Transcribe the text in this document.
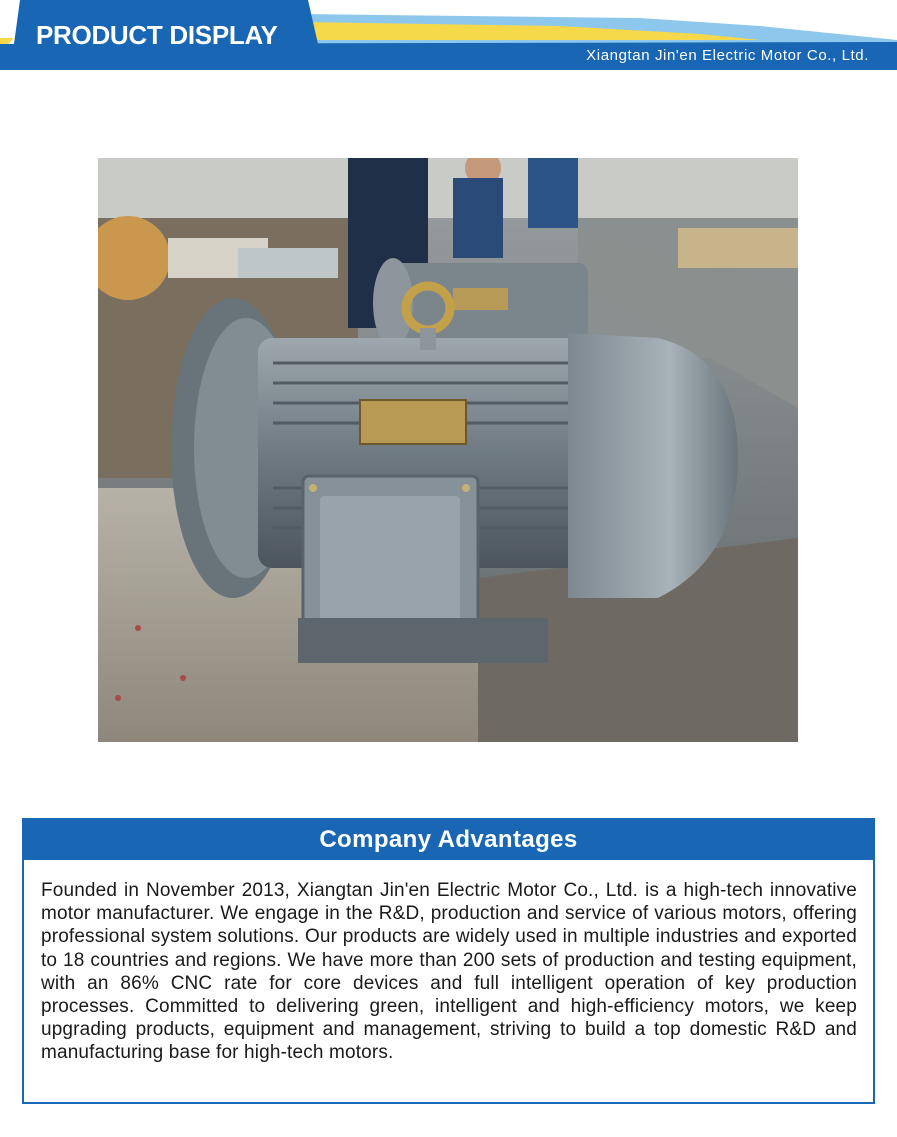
PRODUCT DISPLAY
Xiangtan Jin'en Electric Motor Co., Ltd.
Company Advantages

Founded in November 2013, Xiangtan Jin'en Electric Motor Co., Ltd. is a high-tech innovative motor manufacturer. We engage in the R&D, production and service of various motors, offering professional system solutions. Our products are widely used in multiple industries and exported to 18 countries and regions. We have more than 200 sets of production and testing equipment, with an 86% CNC rate for core devices and full intelligent operation of key production processes. Committed to delivering green, intelligent and high-efficiency motors, we keep upgrading products, equipment and management, striving to build a top domestic R&D and manufacturing base for high-tech motors.
